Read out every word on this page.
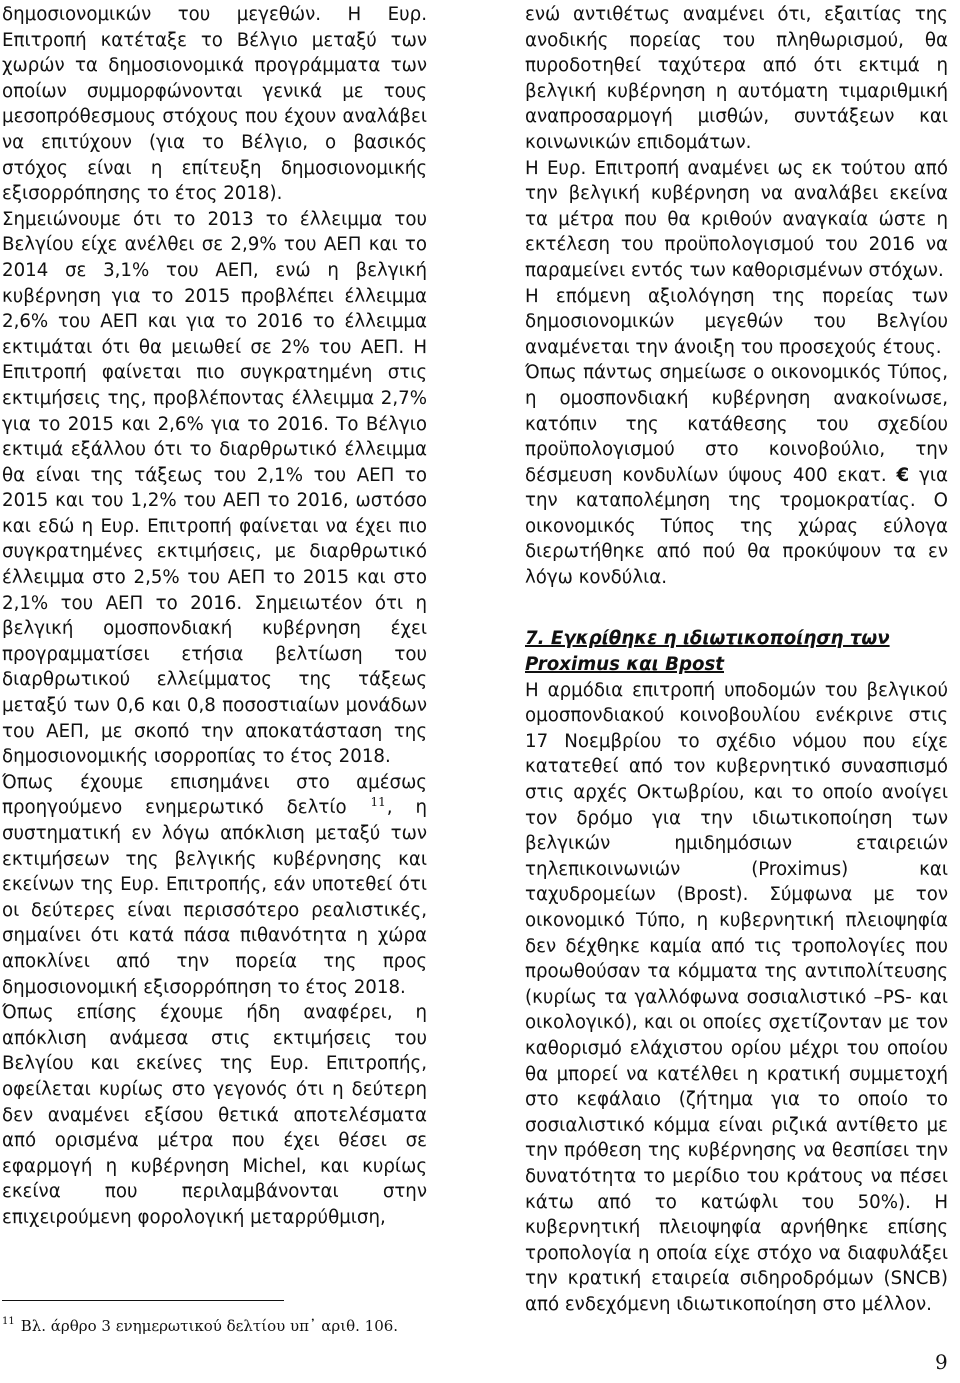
δημοσιονομικών του μεγεθών. Η Ευρ. Επιτροπή κατέταξε το Βέλγιο μεταξύ των χωρών τα δημοσιονομικά προγράμματα των οποίων συμμορφώνονται γενικά με τους μεσοπρόθεσμους στόχους που έχουν αναλάβει να επιτύχουν (για το Βέλγιο, ο βασικός στόχος είναι η επίτευξη δημοσιονομικής εξισορρόπησης το έτος 2018).

Σημειώνουμε ότι το 2013 το έλλειμμα του Βελγίου είχε ανέλθει σε 2,9% του ΑΕΠ και το 2014 σε 3,1% του ΑΕΠ, ενώ η βελγική κυβέρνηση για το 2015 προβλέπει έλλειμμα 2,6% του ΑΕΠ και για το 2016 το έλλειμμα εκτιμάται ότι θα μειωθεί σε 2% του ΑΕΠ. Η Επιτροπή φαίνεται πιο συγκρατημένη στις εκτιμήσεις της, προβλέποντας έλλειμμα 2,7% για το 2015 και 2,6% για το 2016. Το Βέλγιο εκτιμά εξάλλου ότι το διαρθρωτικό έλλειμμα θα είναι της τάξεως του 2,1% του ΑΕΠ το 2015 και του 1,2% του ΑΕΠ το 2016, ωστόσο και εδώ η Ευρ. Επιτροπή φαίνεται να έχει πιο συγκρατημένες εκτιμήσεις, με διαρθρωτικό έλλειμμα στο 2,5% του ΑΕΠ το 2015 και στο 2,1% του ΑΕΠ το 2016. Σημειωτέον ότι η βελγική ομοσπονδιακή κυβέρνηση έχει προγραμματίσει ετήσια βελτίωση του διαρθρωτικού ελλείμματος της τάξεως μεταξύ των 0,6 και 0,8 ποσοστιαίων μονάδων του ΑΕΠ, με σκοπό την αποκατάσταση της δημοσιονομικής ισορροπίας το έτος 2018.

Όπως έχουμε επισημάνει στο αμέσως προηγούμενο ενημερωτικό δελτίο $^{11}$, η συστηματική εν λόγω απόκλιση μεταξύ των εκτιμήσεων της βελγικής κυβέρνησης και εκείνων της Ευρ. Επιτροπής, εάν υποτεθεί ότι οι δεύτερες είναι περισσότερο ρεαλιστικές, σημαίνει ότι κατά πάσα πιθανότητα η χώρα αποκλίνει από την πορεία της προς δημοσιονομική εξισορρόπηση το έτος 2018.

Όπως επίσης έχουμε ήδη αναφέρει, η απόκλιση ανάμεσα στις εκτιμήσεις του Βελγίου και εκείνες της Ευρ. Επιτροπής, οφείλεται κυρίως στο γεγονός ότι η δεύτερη δεν αναμένει εξίσου θετικά αποτελέσματα από ορισμένα μέτρα που έχει θέσει σε εφαρμογή η κυβέρνηση Michel, και κυρίως εκείνα που περιλαμβάνονται στην επιχειρούμενη φορολογική μεταρρύθμιση,

ενώ αντιθέτως αναμένει ότι, εξαιτίας της ανοδικής πορείας του πληθωρισμού, θα πυροδοτηθεί ταχύτερα από ότι εκτιμά η βελγική κυβέρνηση η αυτόματη τιμαριθμική αναπροσαρμογή μισθών, συντάξεων και κοινωνικών επιδομάτων.

Η Ευρ. Επιτροπή αναμένει ως εκ τούτου από την βελγική κυβέρνηση να αναλάβει εκείνα τα μέτρα που θα κριθούν αναγκαία ώστε η εκτέλεση του προϋπολογισμού του 2016 να παραμείνει εντός των καθορισμένων στόχων.

Η επόμενη αξιολόγηση της πορείας των δημοσιονομικών μεγεθών του Βελγίου αναμένεται την άνοιξη του προσεχούς έτους.

Όπως πάντως σημείωσε ο οικονομικός Τύπος, η ομοσπονδιακή κυβέρνηση ανακοίνωσε, κατόπιν της κατάθεσης του σχεδίου προϋπολογισμού στο κοινοβούλιο, την δέσμευση κονδυλίων ύψους 400 εκατ. € για την καταπολέμηση της τρομοκρατίας. Ο οικονομικός Τύπος της χώρας εύλογα διερωτήθηκε από πού θα προκύψουν τα εν λόγω κονδύλια.

7. Εγκρίθηκε η ιδιωτικοποίηση των
Proximus και Bpost

Η αρμόδια επιτροπή υποδομών του βελγικού ομοσπονδιακού κοινοβουλίου ενέκρινε στις 17 Νοεμβρίου το σχέδιο νόμου που είχε κατατεθεί από τον κυβερνητικό συνασπισμό στις αρχές Οκτωβρίου, και το οποίο ανοίγει τον δρόμο για την ιδιωτικοποίηση των βελγικών ημιδημόσιων εταιρειών τηλεπικοινωνιών (Proximus) και ταχυδρομείων (Bpost). Σύμφωνα με τον οικονομικό Τύπο, η κυβερνητική πλειοψηφία δεν δέχθηκε καμία από τις τροπολογίες που προωθούσαν τα κόμματα της αντιπολίτευσης (κυρίως τα γαλλόφωνα σοσιαλιστικό –PS- και οικολογικό), και οι οποίες σχετίζονταν με τον καθορισμό ελάχιστου ορίου μέχρι του οποίου θα μπορεί να κατέλθει η κρατική συμμετοχή στο κεφάλαιο (ζήτημα για το οποίο το σοσιαλιστικό κόμμα είναι ριζικά αντίθετο με την πρόθεση της κυβέρνησης να θεσπίσει την δυνατότητα το μερίδιο του κράτους να πέσει κάτω από το κατώφλι του 50%). Η κυβερνητική πλειοψηφία αρνήθηκε επίσης τροπολογία η οποία είχε στόχο να διαφυλάξει την κρατική εταιρεία σιδηροδρόμων (SNCB) από ενδεχόμενη ιδιωτικοποίηση στο μέλλον.

$^{11}$ Βλ. άρθρο 3 ενημερωτικού δελτίου υπ᾽ αριθ. 106.
9
